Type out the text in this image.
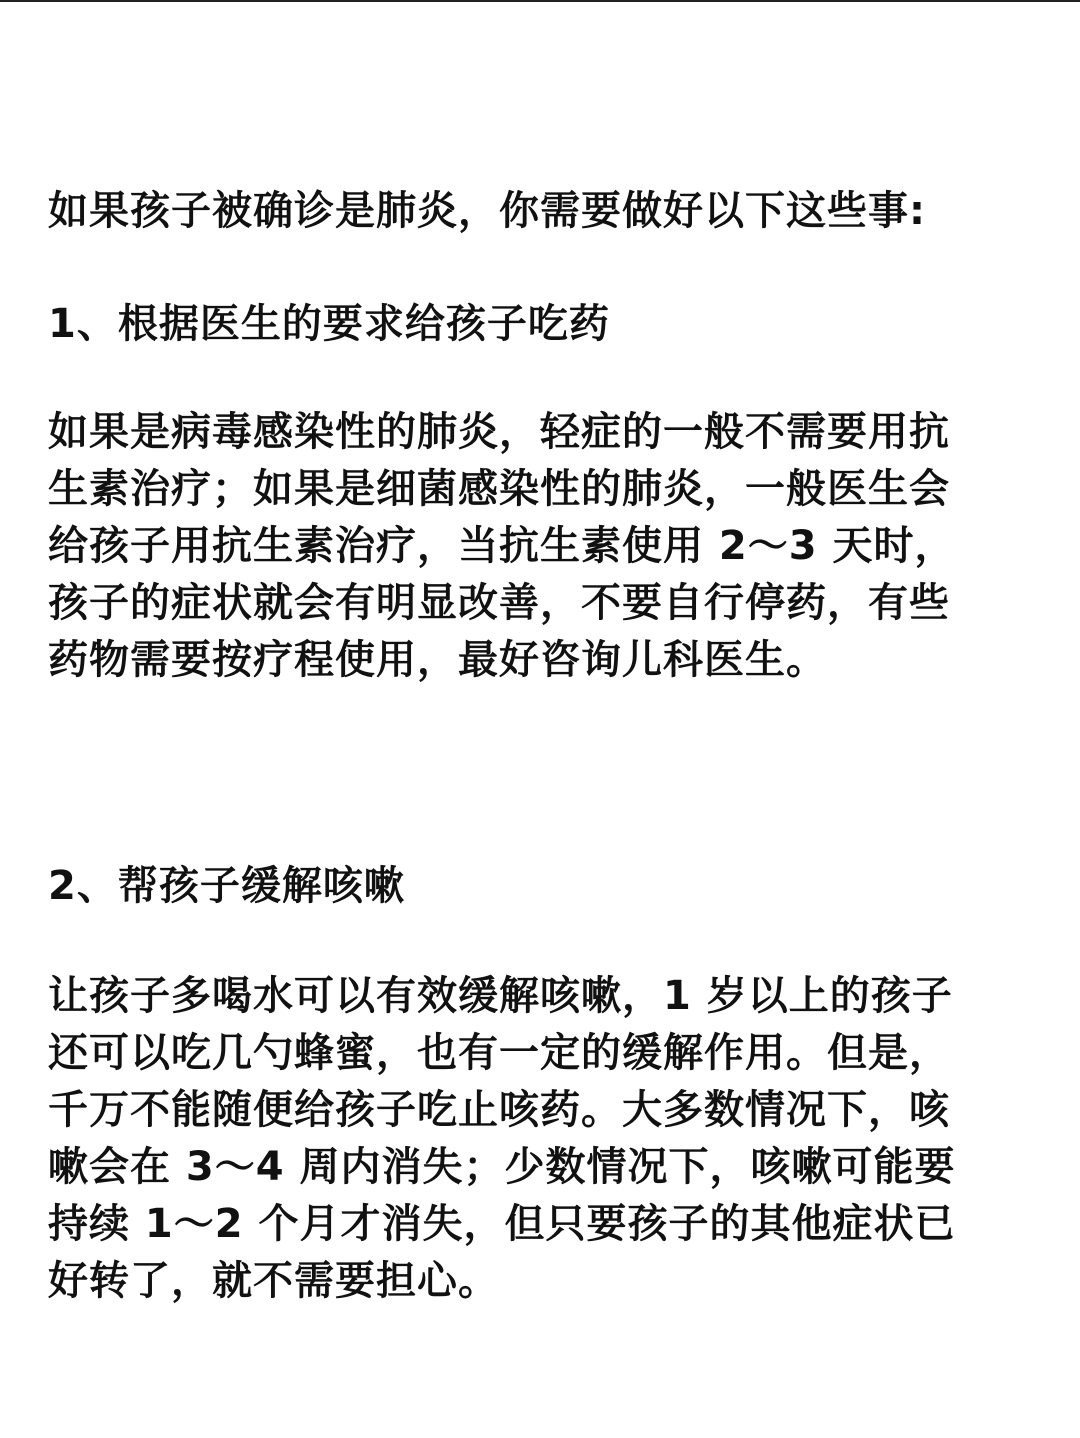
如果孩子被确诊是肺炎，你需要做好以下这些事:
1、根据医生的要求给孩子吃药
如果是病毒感染性的肺炎，轻症的一般不需要用抗
生素治疗；如果是细菌感染性的肺炎，一般医生会
给孩子用抗生素治疗，当抗生素使用 2～3 天时，
孩子的症状就会有明显改善，不要自行停药，有些
药物需要按疗程使用，最好咨询儿科医生。
2、帮孩子缓解咳嗽
让孩子多喝水可以有效缓解咳嗽，1 岁以上的孩子
还可以吃几勺蜂蜜，也有一定的缓解作用。但是，
千万不能随便给孩子吃止咳药。大多数情况下，咳
嗽会在 3～4 周内消失；少数情况下，咳嗽可能要
持续 1～2 个月才消失，但只要孩子的其他症状已
好转了，就不需要担心。
